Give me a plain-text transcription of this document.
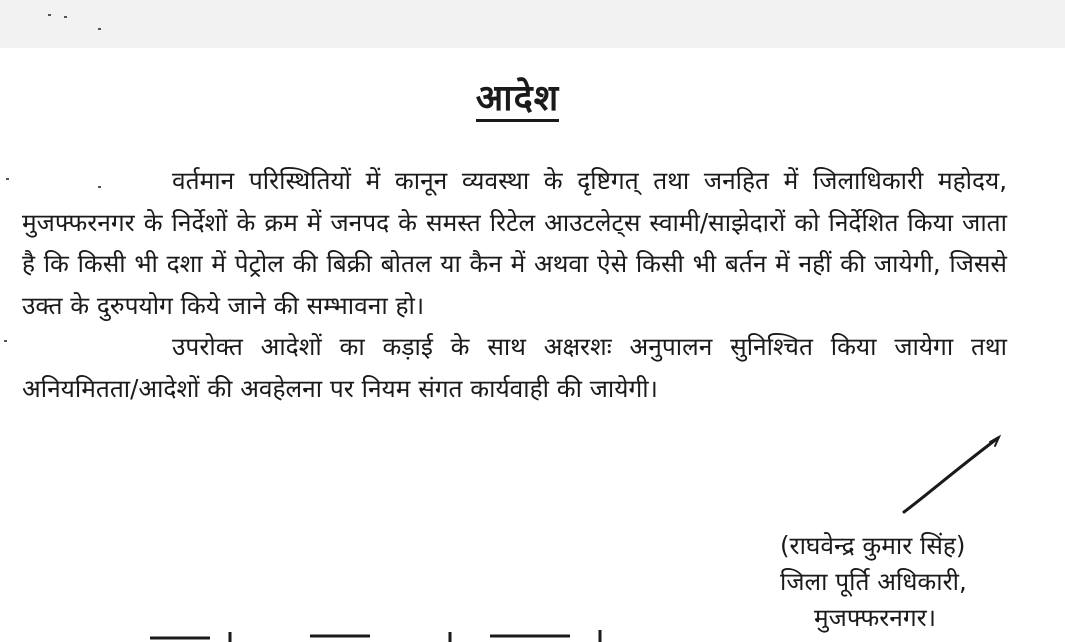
आदेश

वर्तमान परिस्थितियों में कानून व्यवस्था के दृष्टिगत् तथा जनहित में जिलाधिकारी महोदय, मुजफ्फरनगर के निर्देशों के क्रम में जनपद के समस्त रिटेल आउटलेट्स स्वामी/साझेदारों को निर्देशित किया जाता है कि किसी भी दशा में पेट्रोल की बिक्री बोतल या कैन में अथवा ऐसे किसी भी बर्तन में नहीं की जायेगी, जिससे उक्त के दुरुपयोग किये जाने की सम्भावना हो।

उपरोक्त आदेशों का कड़ाई के साथ अक्षरशः अनुपालन सुनिश्चित किया जायेगा तथा अनियमितता/आदेशों की अवहेलना पर नियम संगत कार्यवाही की जायेगी।

(राघवेन्द्र कुमार सिंह)
जिला पूर्ति अधिकारी,
मुजफ्फरनगर।
